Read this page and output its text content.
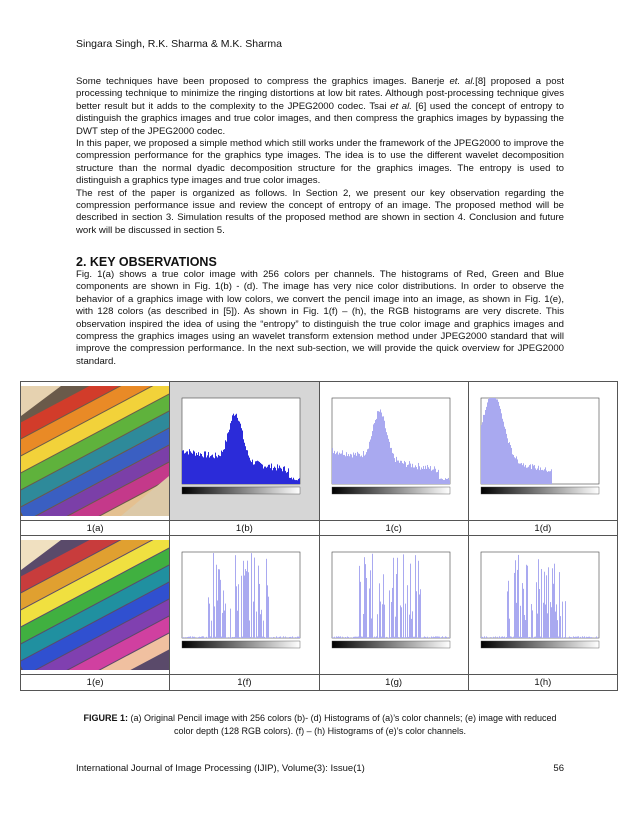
Singara Singh, R.K. Sharma & M.K. Sharma

Some techniques have been proposed to compress the graphics images. Banerje et. al.[8] proposed a post processing technique to minimize the ringing distortions at low bit rates. Although post-processing technique gives better result but it adds to the complexity to the JPEG2000 codec. Tsai et al. [6] used the concept of entropy to distinguish the graphics images and true color images, and then compress the graphics images by bypassing the DWT step of the JPEG2000 codec.

In this paper, we proposed a simple method which still works under the framework of the JPEG2000 to improve the compression performance for the graphics type images. The idea is to use the different wavelet decomposition structure than the normal dyadic decomposition structure for the graphics images. The entropy is used to distinguish a graphics type images and true color images.

The rest of the paper is organized as follows. In Section 2, we present our key observation regarding the compression performance issue and review the concept of entropy of an image. The proposed method will be described in section 3. Simulation results of the proposed method are shown in section 4. Conclusion and future work will be discussed in section 5.

2. KEY OBSERVATIONS
Fig. 1(a) shows a true color image with 256 colors per channels. The histograms of Red, Green and Blue components are shown in Fig. 1(b) - (d). The image has very nice color distributions. In order to observe the behavior of a graphics image with low colors, we convert the pencil image into an image, as shown in Fig. 1(e), with 128 colors (as described in [5]). As shown in Fig. 1(f) – (h), the RGB histograms are very discrete. This observation inspired the idea of using the “entropy” to distinguish the true color image and graphics images and compress the graphics images using an wavelet transform extension method under JPEG2000 standard that will improve the compression performance. In the next sub-section, we will provide the quick overview for JPEG2000 standard.

1(a)	1(b)	1(c)	1(d)

1(e)	1(f)	1(g)	1(h)
FIGURE 1: (a) Original Pencil image with 256 colors (b)- (d) Histograms of (a)’s color channels; (e) image with reduced color depth (128 RGB colors). (f) – (h) Histograms of (e)’s color channels.
International Journal of Image Processing (IJIP), Volume(3): Issue(1)	56
